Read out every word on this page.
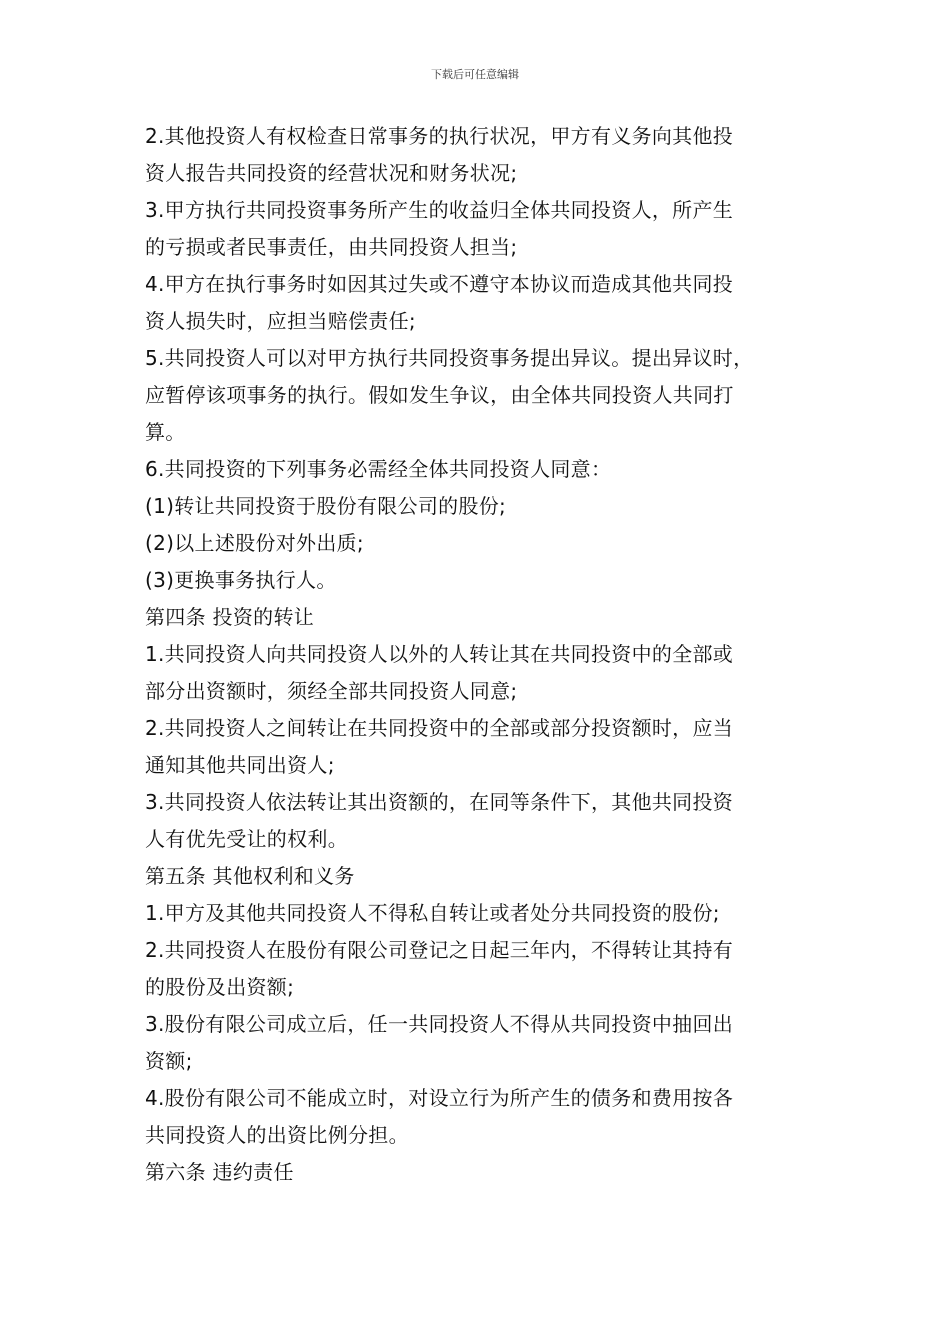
下载后可任意编辑
2.其他投资人有权检查日常事务的执行状况，甲方有义务向其他投
资人报告共同投资的经营状况和财务状况;
3.甲方执行共同投资事务所产生的收益归全体共同投资人，所产生
的亏损或者民事责任，由共同投资人担当;
4.甲方在执行事务时如因其过失或不遵守本协议而造成其他共同投
资人损失时，应担当赔偿责任;
5.共同投资人可以对甲方执行共同投资事务提出异议。提出异议时，
应暂停该项事务的执行。假如发生争议，由全体共同投资人共同打
算。
6.共同投资的下列事务必需经全体共同投资人同意：
(1)转让共同投资于股份有限公司的股份;
(2)以上述股份对外出质;
(3)更换事务执行人。
第四条 投资的转让
1.共同投资人向共同投资人以外的人转让其在共同投资中的全部或
部分出资额时，须经全部共同投资人同意;
2.共同投资人之间转让在共同投资中的全部或部分投资额时，应当
通知其他共同出资人;
3.共同投资人依法转让其出资额的，在同等条件下，其他共同投资
人有优先受让的权利。
第五条 其他权利和义务
1.甲方及其他共同投资人不得私自转让或者处分共同投资的股份;
2.共同投资人在股份有限公司登记之日起三年内，不得转让其持有
的股份及出资额;
3.股份有限公司成立后，任一共同投资人不得从共同投资中抽回出
资额;
4.股份有限公司不能成立时，对设立行为所产生的债务和费用按各
共同投资人的出资比例分担。
第六条 违约责任
